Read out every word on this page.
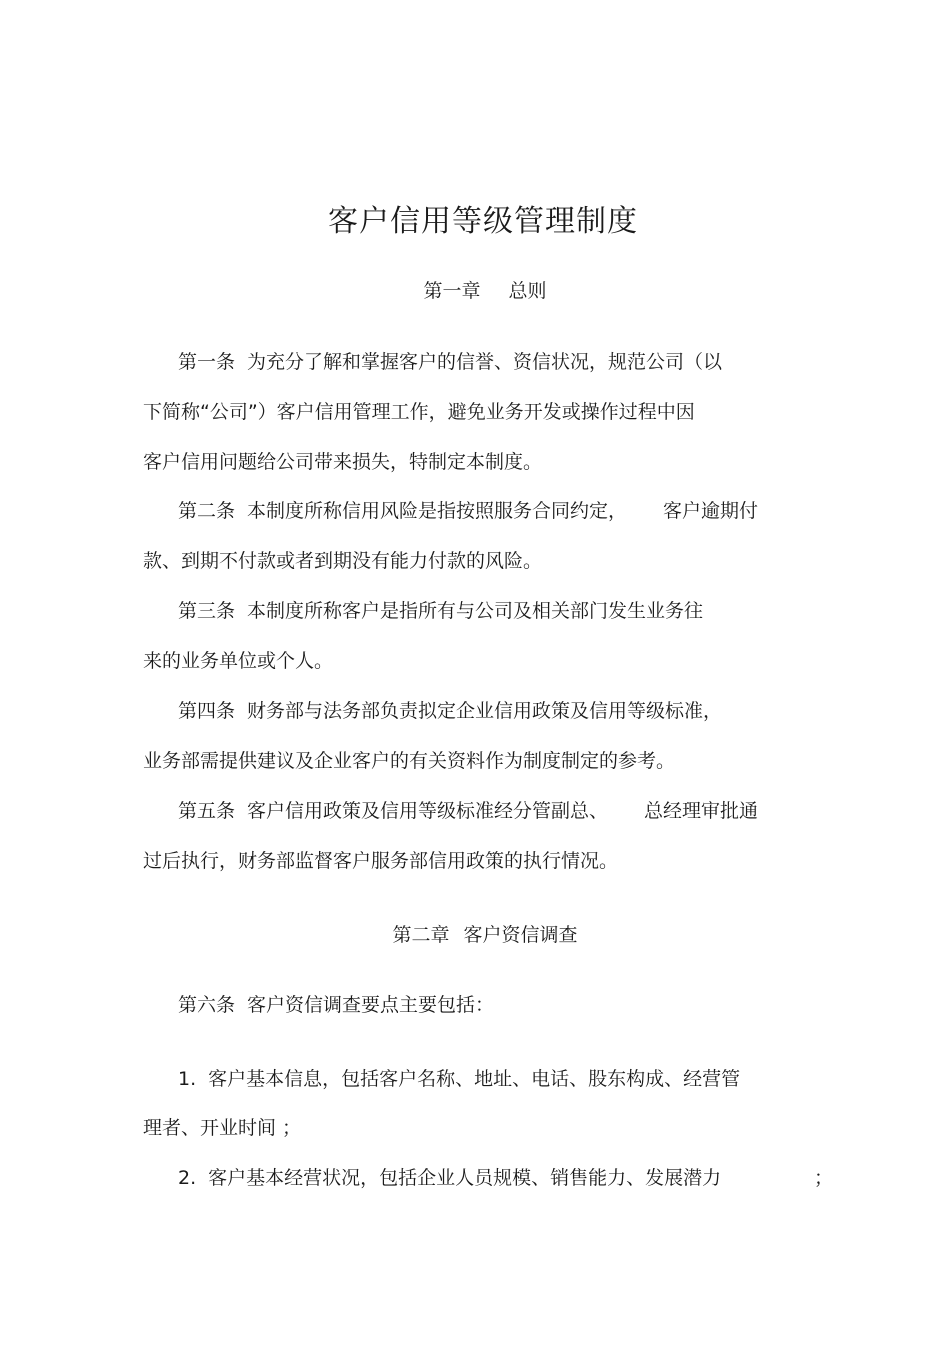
客户信用等级管理制度
第一章 总则
第一条 为充分了解和掌握客户的信誉、资信状况，规范公司（以
下简称“公司”）客户信用管理工作，避免业务开发或操作过程中因
客户信用问题给公司带来损失，特制定本制度。
第二条 本制度所称信用风险是指按照服务合同约定， 客户逾期付
款、到期不付款或者到期没有能力付款的风险。
第三条 本制度所称客户是指所有与公司及相关部门发生业务往
来的业务单位或个人。
第四条 财务部与法务部负责拟定企业信用政策及信用等级标准，
业务部需提供建议及企业客户的有关资料作为制度制定的参考。
第五条 客户信用政策及信用等级标准经分管副总、 总经理审批通
过后执行，财务部监督客户服务部信用政策的执行情况。
第二章 客户资信调查
第六条 客户资信调查要点主要包括：
1. 客户基本信息，包括客户名称、地址、电话、股东构成、经营管
理者、开业时间 ；
2. 客户基本经营状况，包括企业人员规模、销售能力、发展潜力	；
